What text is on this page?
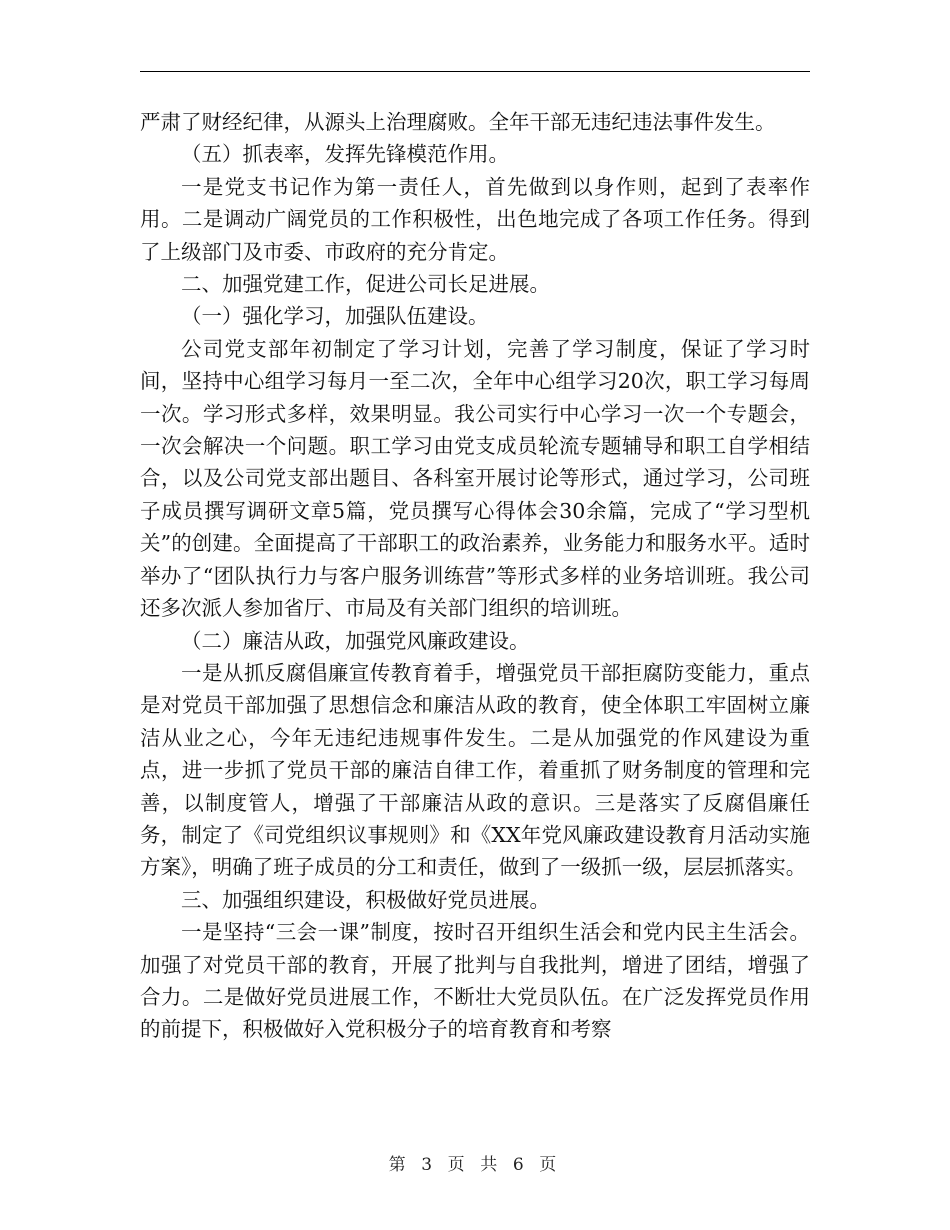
严肃了财经纪律，从源头上治理腐败。全年干部无违纪违法事件发生。

（五）抓表率，发挥先锋模范作用。

一是党支书记作为第一责任人，首先做到以身作则，起到了表率作用。二是调动广阔党员的工作积极性，出色地完成了各项工作任务。得到了上级部门及市委、市政府的充分肯定。

二、加强党建工作，促进公司长足进展。

（一）强化学习，加强队伍建设。

公司党支部年初制定了学习计划，完善了学习制度，保证了学习时间，坚持中心组学习每月一至二次，全年中心组学习20次，职工学习每周一次。学习形式多样，效果明显。我公司实行中心学习一次一个专题会，一次会解决一个问题。职工学习由党支成员轮流专题辅导和职工自学相结合，以及公司党支部出题目、各科室开展讨论等形式，通过学习，公司班子成员撰写调研文章5篇，党员撰写心得体会30余篇，完成了“学习型机关”的创建。全面提高了干部职工的政治素养，业务能力和服务水平。适时举办了“团队执行力与客户服务训练营”等形式多样的业务培训班。我公司还多次派人参加省厅、市局及有关部门组织的培训班。

（二）廉洁从政，加强党风廉政建设。

一是从抓反腐倡廉宣传教育着手，增强党员干部拒腐防变能力，重点是对党员干部加强了思想信念和廉洁从政的教育，使全体职工牢固树立廉洁从业之心，今年无违纪违规事件发生。二是从加强党的作风建设为重点，进一步抓了党员干部的廉洁自律工作，着重抓了财务制度的管理和完善，以制度管人，增强了干部廉洁从政的意识。三是落实了反腐倡廉任务，制定了《司党组织议事规则》和《XX年党风廉政建设教育月活动实施方案》，明确了班子成员的分工和责任，做到了一级抓一级，层层抓落实。

三、加强组织建设，积极做好党员进展。

一是坚持“三会一课”制度，按时召开组织生活会和党内民主生活会。加强了对党员干部的教育，开展了批判与自我批判，增进了团结，增强了合力。二是做好党员进展工作，不断壮大党员队伍。在广泛发挥党员作用的前提下，积极做好入党积极分子的培育教育和考察

第 3 页 共 6 页
